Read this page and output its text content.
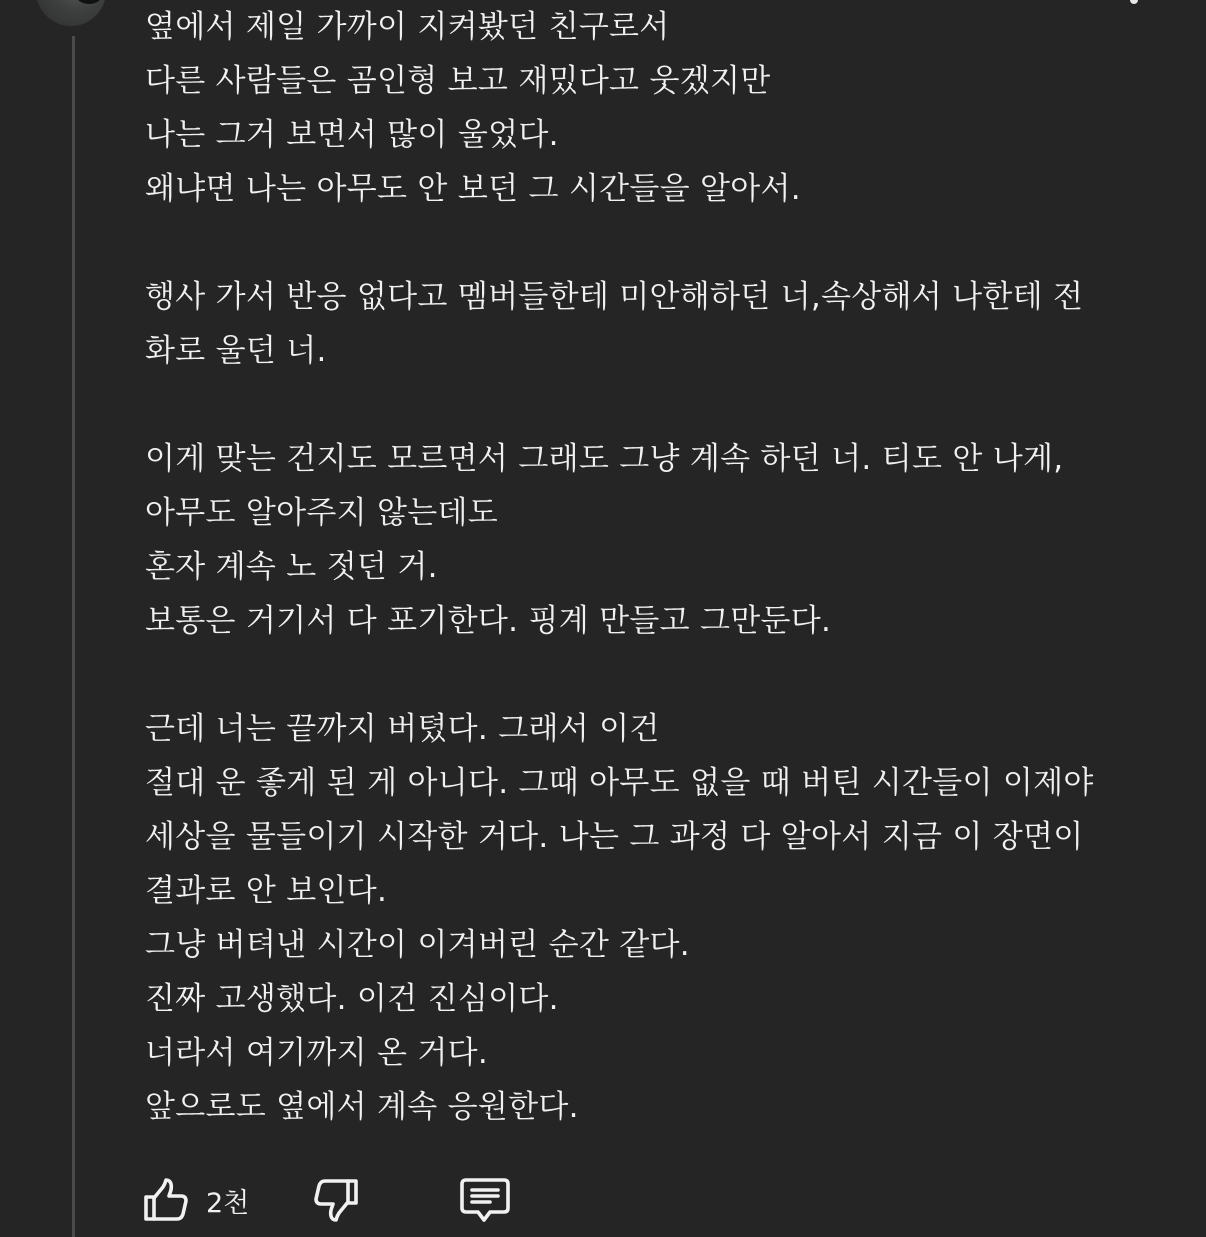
옆에서 제일 가까이 지켜봤던 친구로서
다른 사람들은 곰인형 보고 재밌다고 웃겠지만
나는 그거 보면서 많이 울었다.
왜냐면 나는 아무도 안 보던 그 시간들을 알아서.
행사 가서 반응 없다고 멤버들한테 미안해하던 너,속상해서 나한테 전
화로 울던 너.
이게 맞는 건지도 모르면서 그래도 그냥 계속 하던 너. 티도 안 나게,
아무도 알아주지 않는데도
혼자 계속 노 젓던 거.
보통은 거기서 다 포기한다. 핑계 만들고 그만둔다.
근데 너는 끝까지 버텼다. 그래서 이건
절대 운 좋게 된 게 아니다. 그때 아무도 없을 때 버틴 시간들이 이제야
세상을 물들이기 시작한 거다. 나는 그 과정 다 알아서 지금 이 장면이
결과로 안 보인다.
그냥 버텨낸 시간이 이겨버린 순간 같다.
진짜 고생했다. 이건 진심이다.
너라서 여기까지 온 거다.
앞으로도 옆에서 계속 응원한다.
2천
